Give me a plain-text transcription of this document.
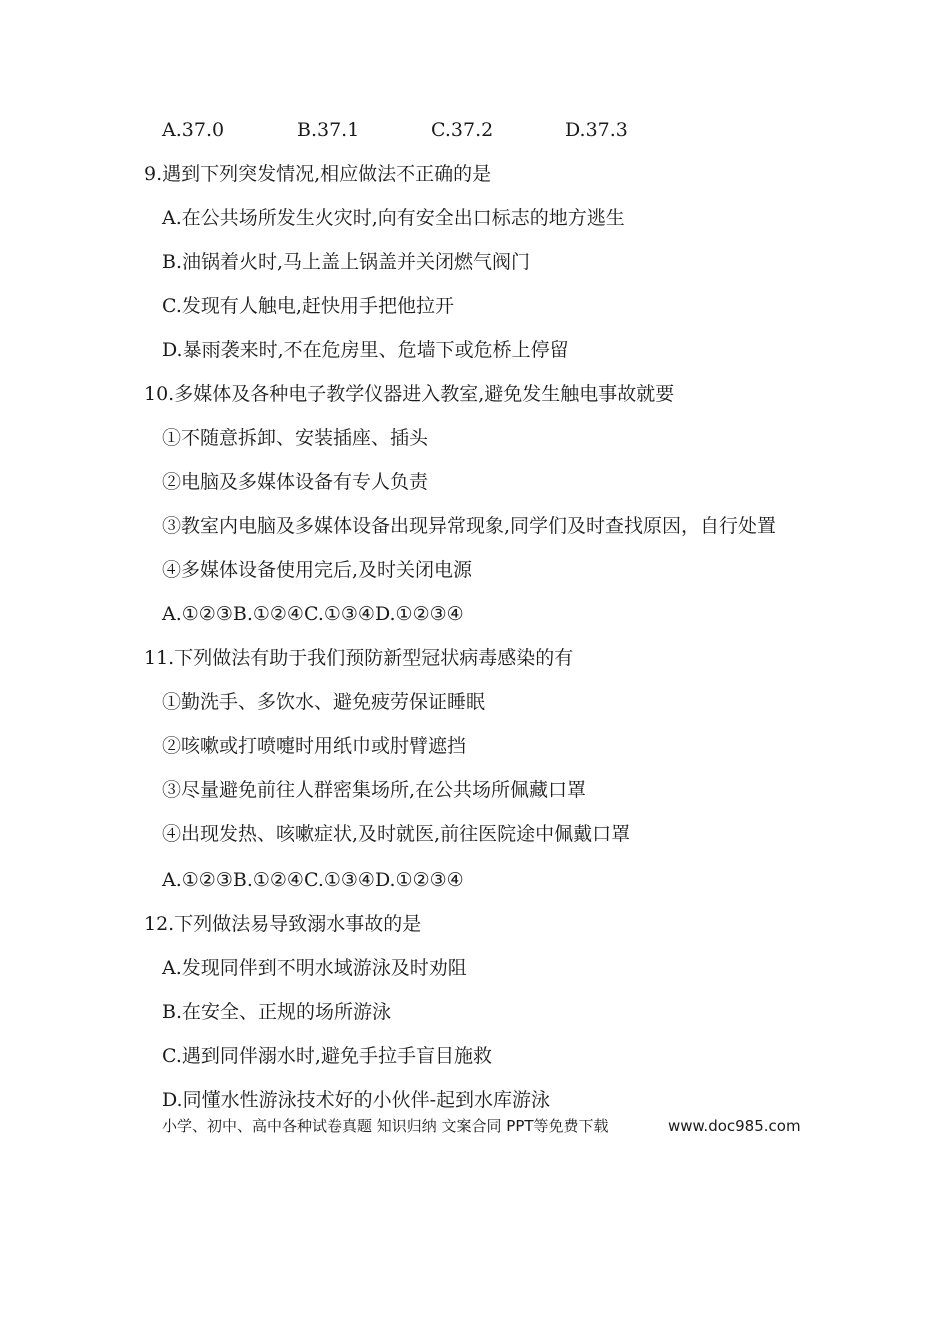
A.37.0	B.37.1	C.37.2	D.37.3
9.遇到下列突发情况,相应做法不正确的是
A.在公共场所发生火灾时,向有安全出口标志的地方逃生
B.油锅着火时,马上盖上锅盖并关闭燃气阀门
C.发现有人触电,赶快用手把他拉开
D.暴雨袭来时,不在危房里、危墙下或危桥上停留
10.多媒体及各种电子教学仪器进入教室,避免发生触电事故就要
①不随意拆卸、安装插座、插头
②电脑及多媒体设备有专人负责
③教室内电脑及多媒体设备出现异常现象,同学们及时查找原因，自行处置
④多媒体设备使用完后,及时关闭电源
A.①②③B.①②④C.①③④D.①②③④
11.下列做法有助于我们预防新型冠状病毒感染的有
①勤洗手、多饮水、避免疲劳保证睡眠
②咳嗽或打喷嚏时用纸巾或肘臂遮挡
③尽量避免前往人群密集场所,在公共场所佩藏口罩
④出现发热、咳嗽症状,及时就医,前往医院途中佩戴口罩
A.①②③B.①②④C.①③④D.①②③④
12.下列做法易导致溺水事故的是
A.发现同伴到不明水域游泳及时劝阻
B.在安全、正规的场所游泳
C.遇到同伴溺水时,避免手拉手盲目施救
D.同懂水性游泳技术好的小伙伴-起到水库游泳
小学、初中、高中各种试卷真题 知识归纳 文案合同 PPT等免费下载	www.doc985.com
